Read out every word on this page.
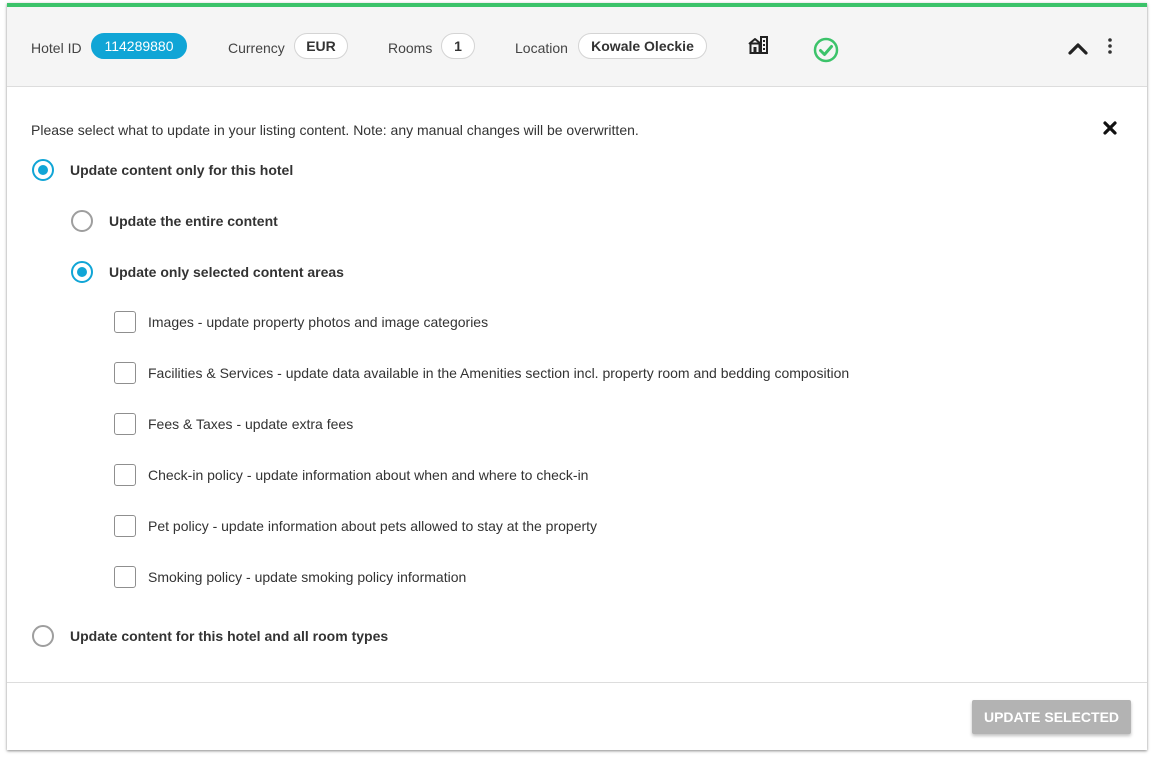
Hotel ID	114289880	Currency	EUR	Rooms	1	Location	Kowale Oleckie

Please select what to update in your listing content. Note: any manual changes will be overwritten.

Update content only for this hotel
Update the entire content
Update only selected content areas
Images - update property photos and image categories
Facilities & Services - update data available in the Amenities section incl. property room and bedding composition
Fees & Taxes - update extra fees
Check-in policy - update information about when and where to check-in
Pet policy - update information about pets allowed to stay at the property
Smoking policy - update smoking policy information
Update content for this hotel and all room types
UPDATE SELECTED
